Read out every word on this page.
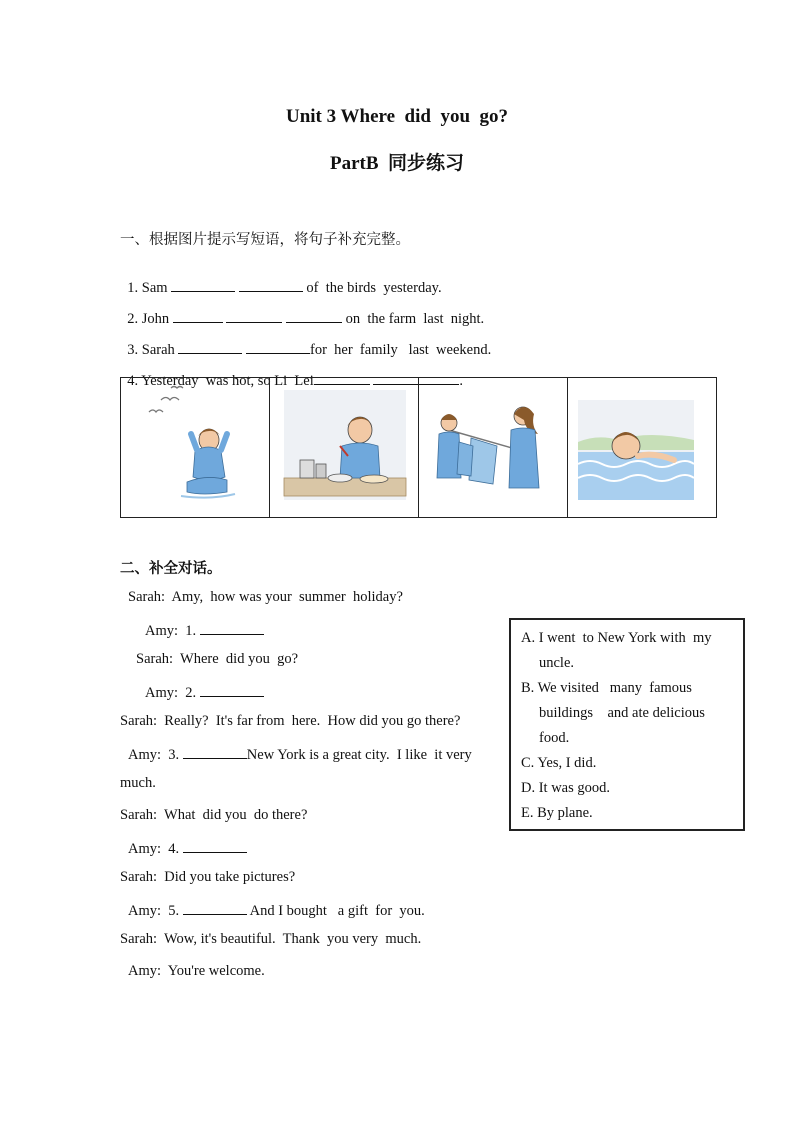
Unit 3 Where  did  you  go?
PartB  同步练习
一、根据图片提示写短语，将句子补充完整。

1. Sam	of  the birds  yesterday.

2. John	on  the farm  last  night.

3. Sarah	for  her  family   last  weekend.

4. Yesterday  was hot, so Li  Lei	.

二、补全对话。
Sarah:  Amy,  how was your  summer  holiday?
Amy:  1.
Sarah:  Where  did you  go?
Amy:  2.
Sarah:  Really?  It's far from  here.  How did you go there?
Amy:  3.	New York is a great city.  I like  it very
much.
Sarah:  What  did you  do there?
Amy:  4.
Sarah:  Did you take pictures?
Amy:  5.	And I bought   a gift  for  you.
Sarah:  Wow, it's beautiful.  Thank  you very  much.
Amy:  You're welcome.
A. I went  to New York with  my
uncle.
B. We visited   many  famous
buildings    and ate delicious
food.
C. Yes, I did.
D. It was good.
E. By plane.
